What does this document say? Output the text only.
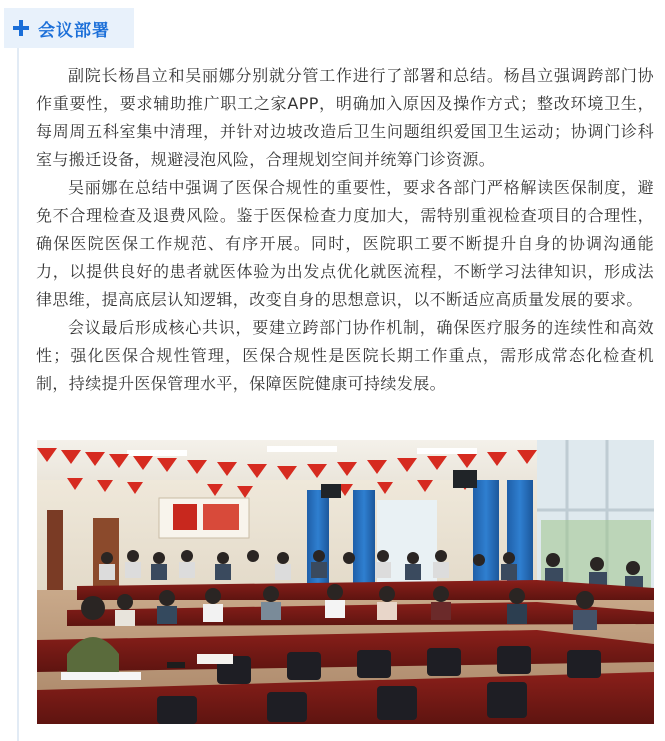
会议部署

副院长杨昌立和吴丽娜分别就分管工作进行了部署和总结。杨昌立强调跨部门协作重要性，要求辅助推广职工之家APP，明确加入原因及操作方式；整改环境卫生，每周周五科室集中清理，并针对边坡改造后卫生问题组织爱国卫生运动；协调门诊科室与搬迁设备，规避浸泡风险，合理规划空间并统筹门诊资源。

吴丽娜在总结中强调了医保合规性的重要性，要求各部门严格解读医保制度，避免不合理检查及退费风险。鉴于医保检查力度加大，需特别重视检查项目的合理性，确保医院医保工作规范、有序开展。同时，医院职工要不断提升自身的协调沟通能力，以提供良好的患者就医体验为出发点优化就医流程，不断学习法律知识，形成法律思维，提高底层认知逻辑，改变自身的思想意识，以不断适应高质量发展的要求。

会议最后形成核心共识，要建立跨部门协作机制，确保医疗服务的连续性和高效性；强化医保合规性管理，医保合规性是医院长期工作重点，需形成常态化检查机制，持续提升医保管理水平，保障医院健康可持续发展。
